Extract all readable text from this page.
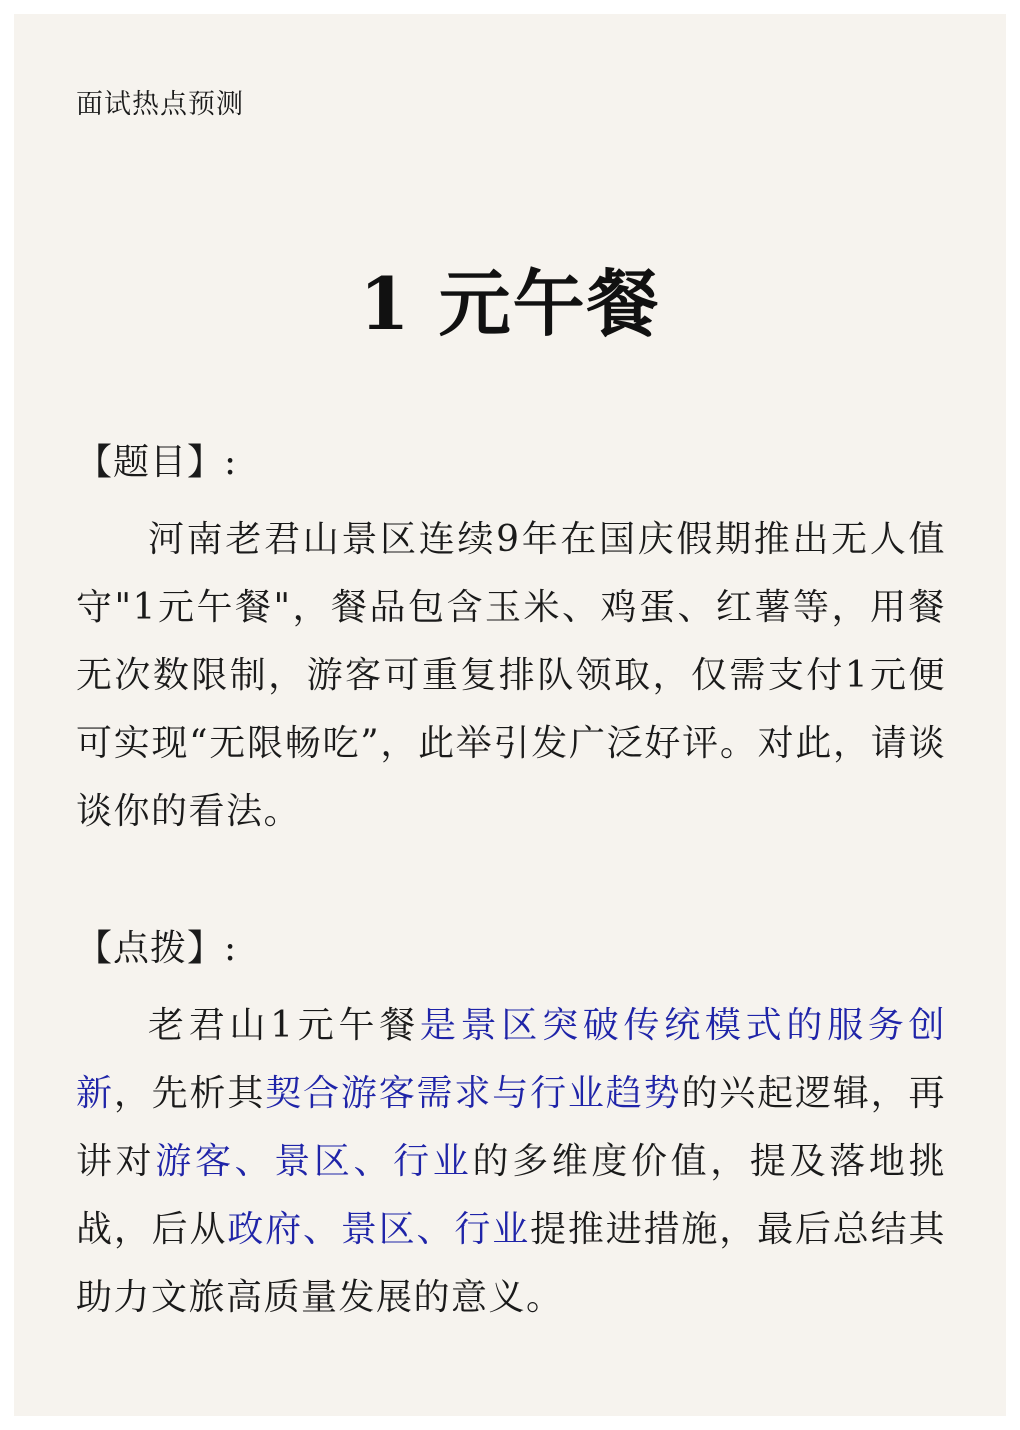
面试热点预测
1 元午餐
【题目】:
河南老君山景区连续9年在国庆假期推出无人值守"1元午餐"，餐品包含玉米、鸡蛋、红薯等，用餐无次数限制，游客可重复排队领取，仅需支付1元便可实现“无限畅吃”，此举引发广泛好评。对此，请谈谈你的看法。
【点拨】:
老君山1元午餐是景区突破传统模式的服务创新，先析其契合游客需求与行业趋势的兴起逻辑，再讲对游客、景区、行业的多维度价值，提及落地挑战，后从政府、景区、行业提推进措施，最后总结其助力文旅高质量发展的意义。
